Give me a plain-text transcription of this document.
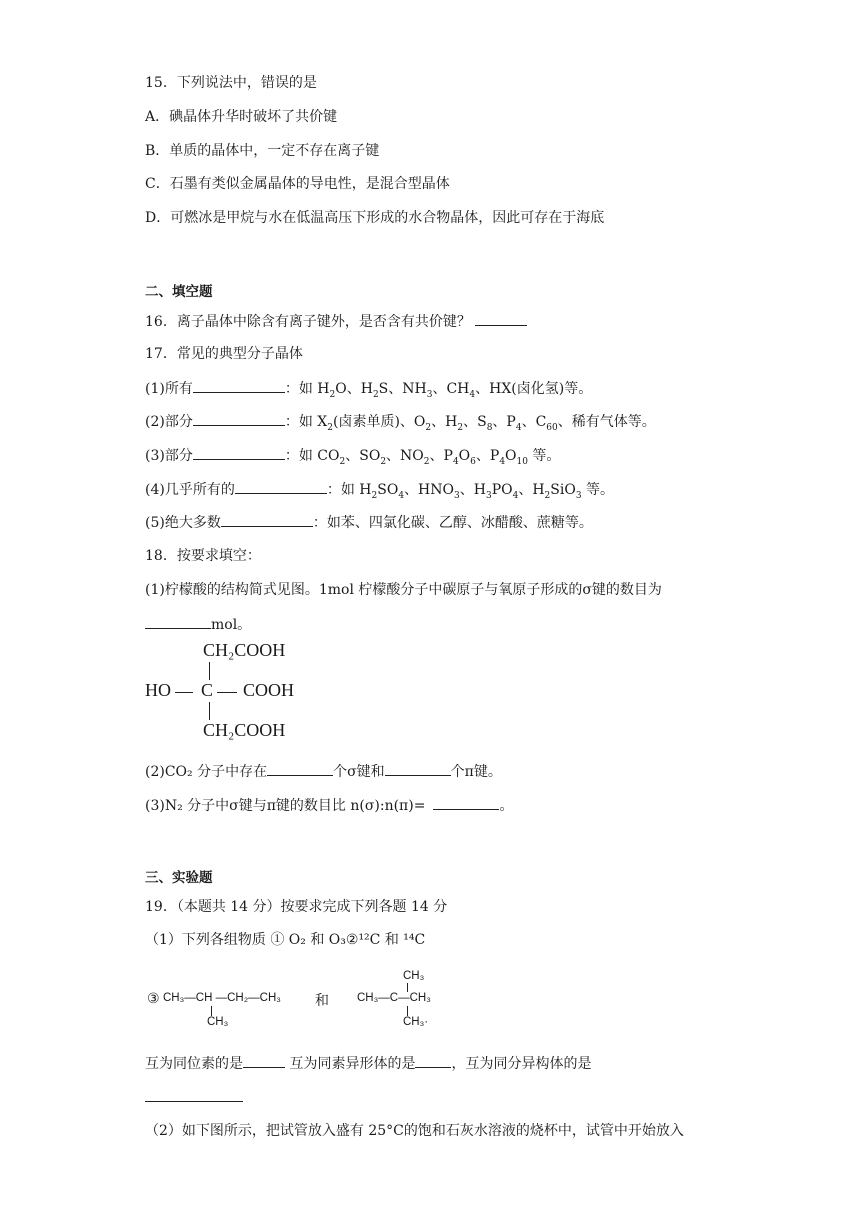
15．下列说法中，错误的是
A．碘晶体升华时破坏了共价键
B．单质的晶体中，一定不存在离子键
C．石墨有类似金属晶体的导电性，是混合型晶体
D．可燃冰是甲烷与水在低温高压下形成的水合物晶体，因此可存在于海底
二、填空题
16．离子晶体中除含有离子键外，是否含有共价键？
17．常见的典型分子晶体
(1)所有	：如 $H_2O$、$H_2S$、$NH_3$、$CH_4$、HX(卤化氢)等。
(2)部分	：如 $X_2$(卤素单质)、$O_2$、$H_2$、$S_8$、$P_4$、$C_{60}$、稀有气体等。
(3)部分	：如 $CO_2$、$SO_2$、$NO_2$、$P_4O_6$、$P_4O_{10}$ 等。
(4)几乎所有的	：如 $H_2SO_4$、$HNO_3$、$H_3PO_4$、$H_2SiO_3$ 等。
(5)绝大多数	：如苯、四氯化碳、乙醇、冰醋酸、蔗糖等。
18．按要求填空：
(1)柠檬酸的结构简式见图。1mol 柠檬酸分子中碳原子与氧原子形成的σ键的数目为
mol。
CH₂COOH
HO C COOH
CH₂COOH
(2)CO₂ 分子中存在	个σ键和	个π键。
(3)N₂ 分子中σ键与π键的数目比 n(σ):n(π)=	。
三、实验题
19．（本题共 14 分）按要求完成下列各题 14 分
（1）下列各组物质 ① O₂ 和 O₃②¹²C 和 ¹⁴C
③ CH₃—CH —CH₂—CH₃
CH₃
和
CH₃
CH₃—C—CH₃
CH₃·
互为同位素的是	互为同素异形体的是	，互为同分异构体的是
（2）如下图所示，把试管放入盛有 25°C的饱和石灰水溶液的烧杯中，试管中开始放入
